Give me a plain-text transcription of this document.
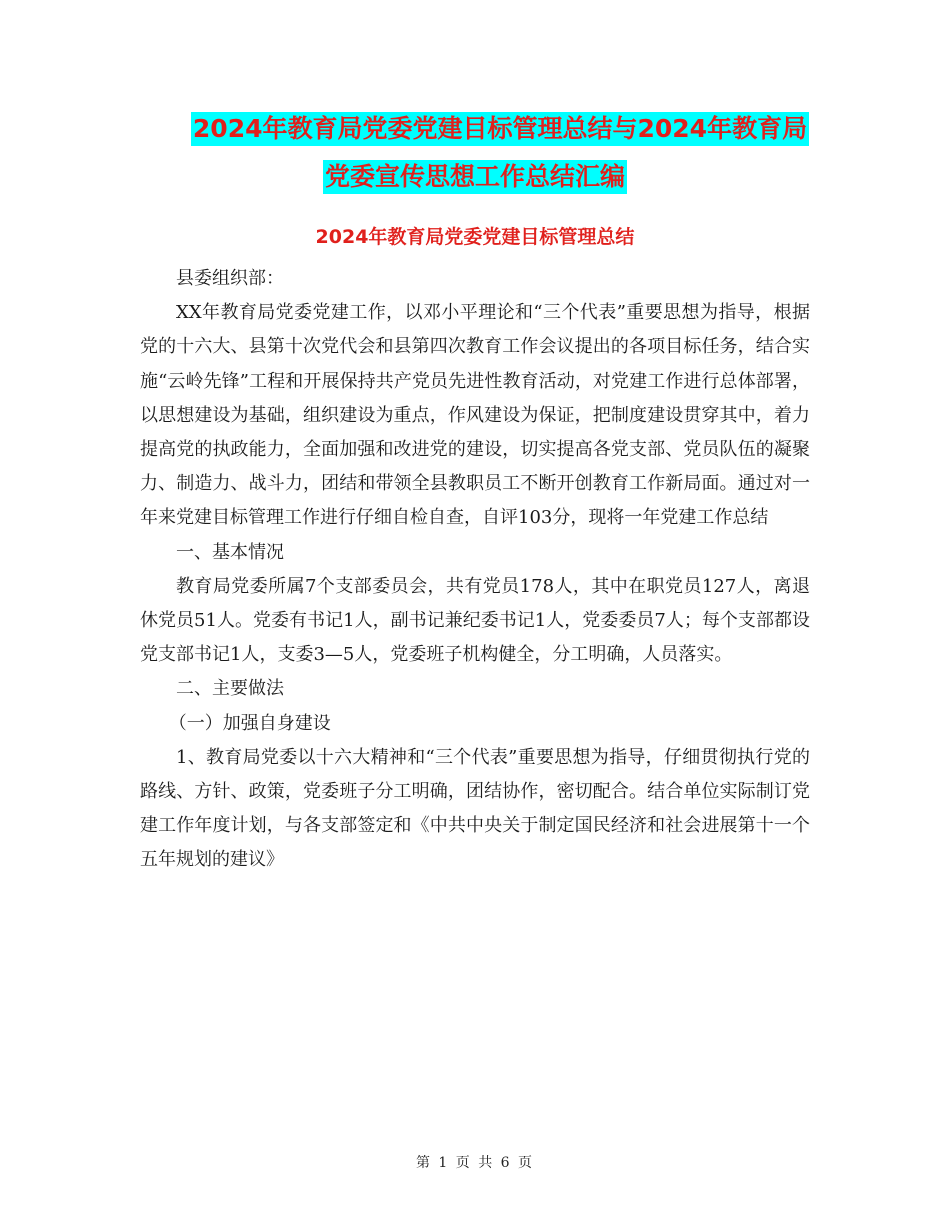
2024年教育局党委党建目标管理总结与2024年教育局
党委宣传思想工作总结汇编
2024年教育局党委党建目标管理总结

县委组织部：

XX年教育局党委党建工作，以邓小平理论和“三个代表”重要思想为指导，根据党的十六大、县第十次党代会和县第四次教育工作会议提出的各项目标任务，结合实施“云岭先锋”工程和开展保持共产党员先进性教育活动，对党建工作进行总体部署，以思想建设为基础，组织建设为重点，作风建设为保证，把制度建设贯穿其中，着力提高党的执政能力，全面加强和改进党的建设，切实提高各党支部、党员队伍的凝聚力、制造力、战斗力，团结和带领全县教职员工不断开创教育工作新局面。通过对一年来党建目标管理工作进行仔细自检自查，自评103分，现将一年党建工作总结

一、基本情况

教育局党委所属7个支部委员会，共有党员178人，其中在职党员127人，离退休党员51人。党委有书记1人，副书记兼纪委书记1人，党委委员7人；每个支部都设党支部书记1人，支委3—5人，党委班子机构健全，分工明确，人员落实。

二、主要做法

（一）加强自身建设

1、教育局党委以十六大精神和“三个代表”重要思想为指导，仔细贯彻执行党的路线、方针、政策，党委班子分工明确，团结协作，密切配合。结合单位实际制订党建工作年度计划，与各支部签定和《中共中央关于制定国民经济和社会进展第十一个五年规划的建议》

第 1 页 共 6 页
